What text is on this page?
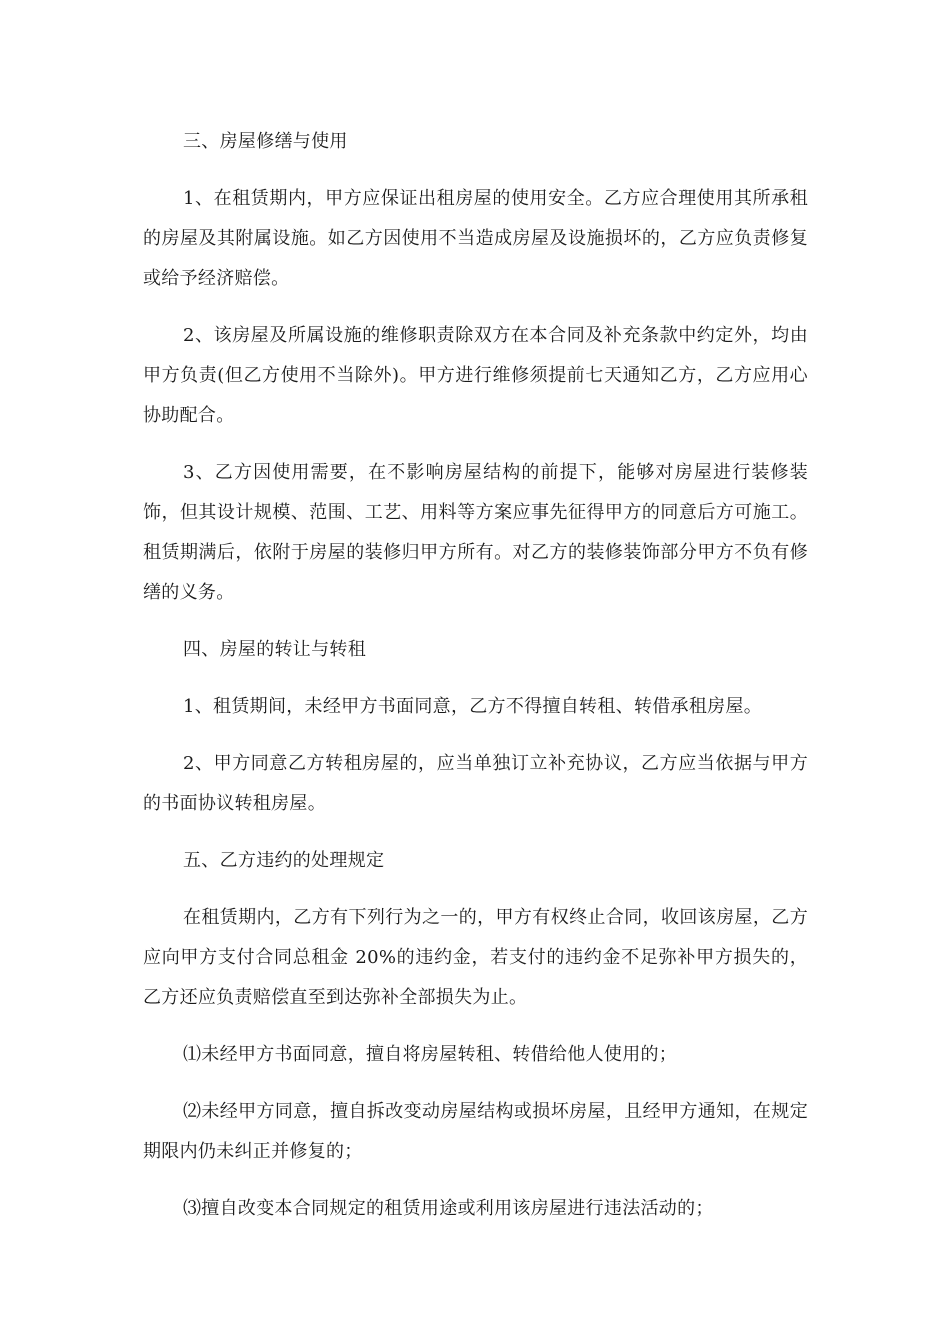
三、房屋修缮与使用

1、在租赁期内，甲方应保证出租房屋的使用安全。乙方应合理使用其所承租的房屋及其附属设施。如乙方因使用不当造成房屋及设施损坏的，乙方应负责修复或给予经济赔偿。

2、该房屋及所属设施的维修职责除双方在本合同及补充条款中约定外，均由甲方负责(但乙方使用不当除外)。甲方进行维修须提前七天通知乙方，乙方应用心协助配合。

3、乙方因使用需要，在不影响房屋结构的前提下，能够对房屋进行装修装饰，但其设计规模、范围、工艺、用料等方案应事先征得甲方的同意后方可施工。租赁期满后，依附于房屋的装修归甲方所有。对乙方的装修装饰部分甲方不负有修缮的义务。

四、房屋的转让与转租

1、租赁期间，未经甲方书面同意，乙方不得擅自转租、转借承租房屋。

2、甲方同意乙方转租房屋的，应当单独订立补充协议，乙方应当依据与甲方的书面协议转租房屋。

五、乙方违约的处理规定

在租赁期内，乙方有下列行为之一的，甲方有权终止合同，收回该房屋，乙方应向甲方支付合同总租金 20%的违约金，若支付的违约金不足弥补甲方损失的，乙方还应负责赔偿直至到达弥补全部损失为止。

⑴未经甲方书面同意，擅自将房屋转租、转借给他人使用的；

⑵未经甲方同意，擅自拆改变动房屋结构或损坏房屋，且经甲方通知，在规定期限内仍未纠正并修复的；

⑶擅自改变本合同规定的租赁用途或利用该房屋进行违法活动的；
